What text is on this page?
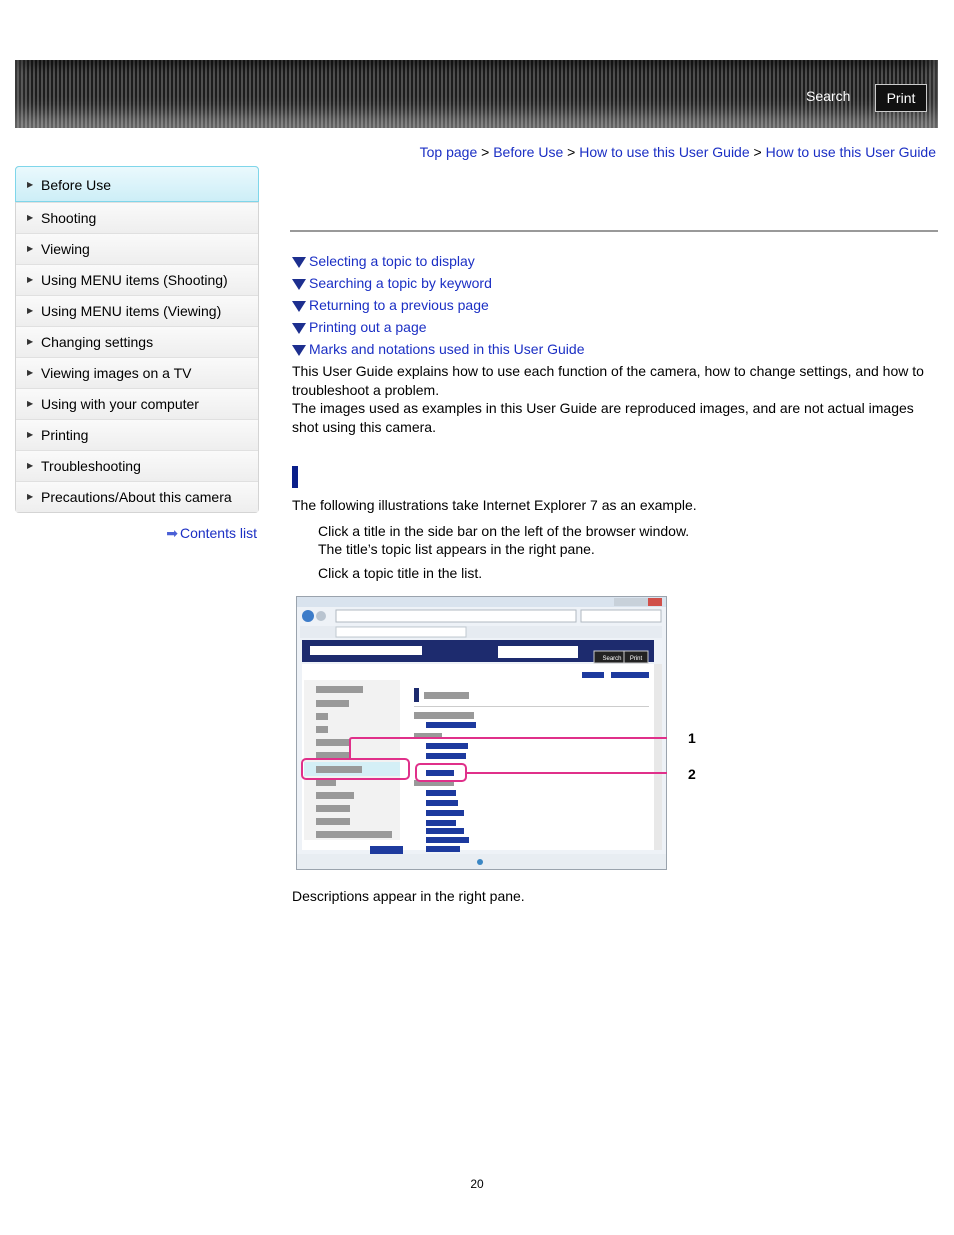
Search	Print
Top page > Before Use > How to use this User Guide > How to use this User Guide
▶ Before Use
▶ Shooting
▶ Viewing
▶ Using MENU items (Shooting)
▶ Using MENU items (Viewing)
▶ Changing settings
▶ Viewing images on a TV
▶ Using with your computer
▶ Printing
▶ Troubleshooting
▶ Precautions/About this camera
➡ Contents list
Selecting a topic to display
Searching a topic by keyword
Returning to a previous page
Printing out a page
Marks and notations used in this User Guide
This User Guide explains how to use each function of the camera, how to change settings, and how to troubleshoot a problem.
The images used as examples in this User Guide are reproduced images, and are not actual images shot using this camera.
The following illustrations take Internet Explorer 7 as an example.
Click a title in the side bar on the left of the browser window.
The title’s topic list appears in the right pane.
Click a topic title in the list.
Search Print
1
2
Descriptions appear in the right pane.
20
